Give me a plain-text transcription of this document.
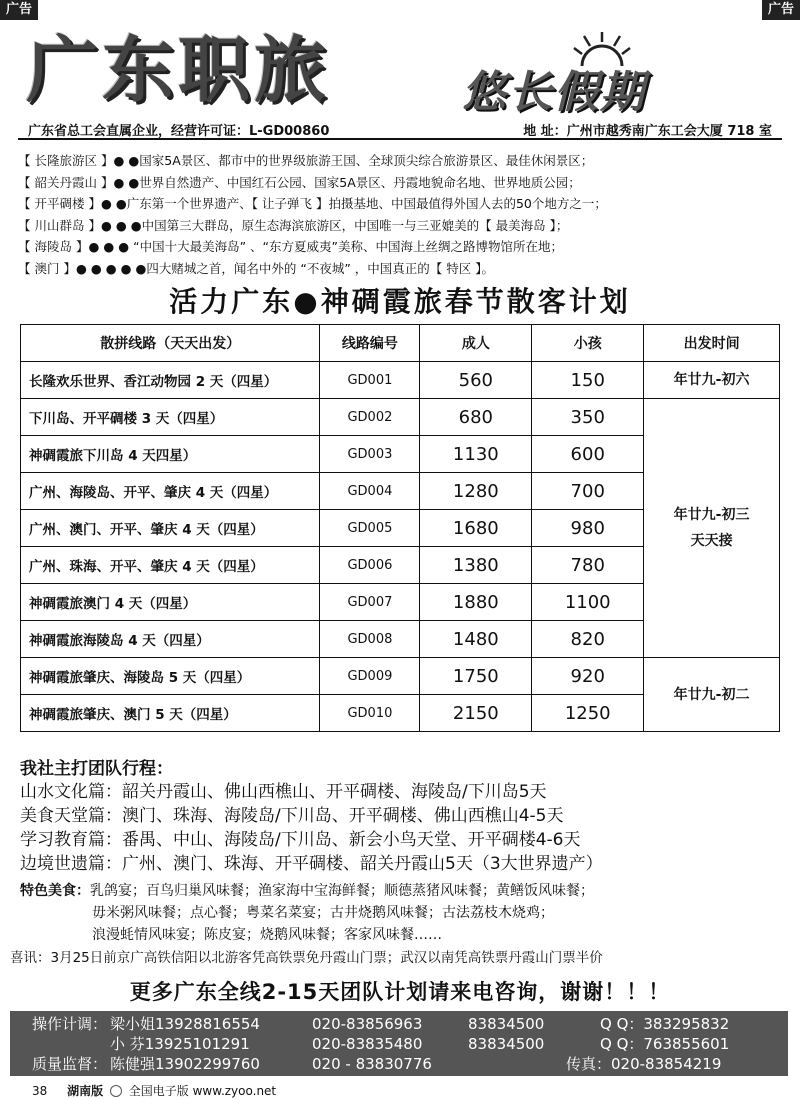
广告	广告
广东职旅	悠长假期
广东省总工会直属企业，经营许可证：L-GD00860	地 址：广州市越秀南广东工会大厦 718 室
【 长隆旅游区 】● ●国家5A景区、都市中的世界级旅游王国、全球顶尖综合旅游景区、最佳休闲景区；
【 韶关丹霞山 】● ●世界自然遗产、中国红石公园、国家5A景区、丹霞地貌命名地、世界地质公园；
【 开平碉楼 】● ●广东第一个世界遗产、【 让子弹飞 】拍摄基地、中国最值得外国人去的50个地方之一；
【 川山群岛 】● ● ●中国第三大群岛，原生态海滨旅游区，中国唯一与三亚媲美的【 最美海岛 】；
【 海陵岛 】● ● ● “中国十大最美海岛” 、“东方夏威夷”美称、中国海上丝绸之路博物馆所在地；
【 澳门 】● ● ● ● ●四大赌城之首，闻名中外的 “不夜城” ，中国真正的【 特区 】。
活力广东●神碉霞旅春节散客计划
散拼线路（天天出发）	线路编号	成人	小孩	出发时间
长隆欢乐世界、香江动物园 2 天（四星）	GD001	560	150	年廿九-初六
下川岛、开平碉楼 3 天（四星）	GD002	680	350	年廿九-初三
天天接

神碉霞旅下川岛 4 天四星）	GD003	1130	600	
广州、海陵岛、开平、肇庆 4 天（四星）	GD004	1280	700	
广州、澳门、开平、肇庆 4 天（四星）	GD005	1680	980	
广州、珠海、开平、肇庆 4 天（四星）	GD006	1380	780	
神碉霞旅澳门 4 天（四星）	GD007	1880	1100	
神碉霞旅海陵岛 4 天（四星）	GD008	1480	820	
神碉霞旅肇庆、海陵岛 5 天（四星）	GD009	1750	920	年廿九-初二
神碉霞旅肇庆、澳门 5 天（四星）	GD010	2150	1250	
我社主打团队行程：
山水文化篇：韶关丹霞山、佛山西樵山、开平碉楼、海陵岛/下川岛5天
美食天堂篇：澳门、珠海、海陵岛/下川岛、开平碉楼、佛山西樵山4-5天
学习教育篇：番禺、中山、海陵岛/下川岛、新会小鸟天堂、开平碉楼4-6天
边境世遗篇：广州、澳门、珠海、开平碉楼、韶关丹霞山5天（3大世界遗产）
特色美食：乳鸽宴；百鸟归巢风味餐；渔家海中宝海鲜餐；顺德蒸猪风味餐；黄鳝饭风味餐；
毋米粥风味餐；点心餐；粤菜名菜宴；古井烧鹅风味餐；古法荔枝木烧鸡；
浪漫蚝情风味宴；陈皮宴；烧鹅风味餐；客家风味餐……
喜讯：3月25日前京广高铁信阳以北游客凭高铁票免丹霞山门票；武汉以南凭高铁票丹霞山门票半价
更多广东全线2-15天团队计划请来电咨询，谢谢！！！
操作计调： 梁小姐13928816554	020-83856963	83834500	Q Q：383295832
小 芬13925101291	020-83835480	83834500	Q Q：763855601
质量监督： 陈健强13902299760	020 - 83830776	传真：020-83854219
38 湖南版 全国电子版 www.zyoo.net
